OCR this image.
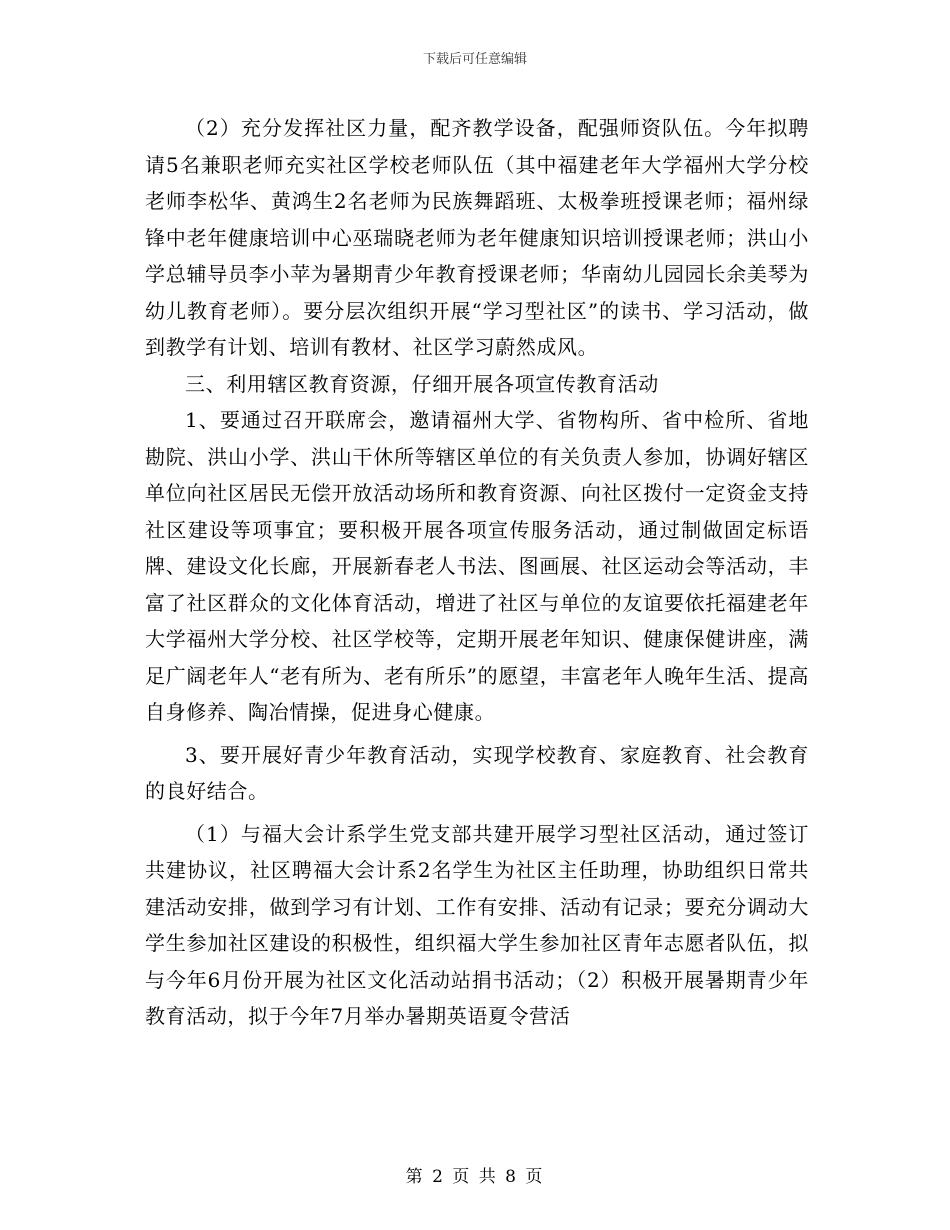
下载后可任意编辑

（2）充分发挥社区力量，配齐教学设备，配强师资队伍。今年拟聘请5名兼职老师充实社区学校老师队伍（其中福建老年大学福州大学分校老师李松华、黄鸿生2名老师为民族舞蹈班、太极拳班授课老师；福州绿锋中老年健康培训中心巫瑞晓老师为老年健康知识培训授课老师；洪山小学总辅导员李小苹为暑期青少年教育授课老师；华南幼儿园园长余美琴为幼儿教育老师）。要分层次组织开展“学习型社区”的读书、学习活动，做到教学有计划、培训有教材、社区学习蔚然成风。

三、利用辖区教育资源，仔细开展各项宣传教育活动

1、要通过召开联席会，邀请福州大学、省物构所、省中检所、省地勘院、洪山小学、洪山干休所等辖区单位的有关负责人参加，协调好辖区单位向社区居民无偿开放活动场所和教育资源、向社区拨付一定资金支持社区建设等项事宜；要积极开展各项宣传服务活动，通过制做固定标语牌、建设文化长廊，开展新春老人书法、图画展、社区运动会等活动，丰富了社区群众的文化体育活动，增进了社区与单位的友谊要依托福建老年大学福州大学分校、社区学校等，定期开展老年知识、健康保健讲座，满足广阔老年人“老有所为、老有所乐”的愿望，丰富老年人晚年生活、提高自身修养、陶冶情操，促进身心健康。

3、要开展好青少年教育活动，实现学校教育、家庭教育、社会教育的良好结合。

（1）与福大会计系学生党支部共建开展学习型社区活动，通过签订共建协议，社区聘福大会计系2名学生为社区主任助理，协助组织日常共建活动安排，做到学习有计划、工作有安排、活动有记录；要充分调动大学生参加社区建设的积极性，组织福大学生参加社区青年志愿者队伍，拟与今年6月份开展为社区文化活动站捐书活动；（2）积极开展暑期青少年教育活动，拟于今年7月举办暑期英语夏令营活

第 2 页 共 8 页
